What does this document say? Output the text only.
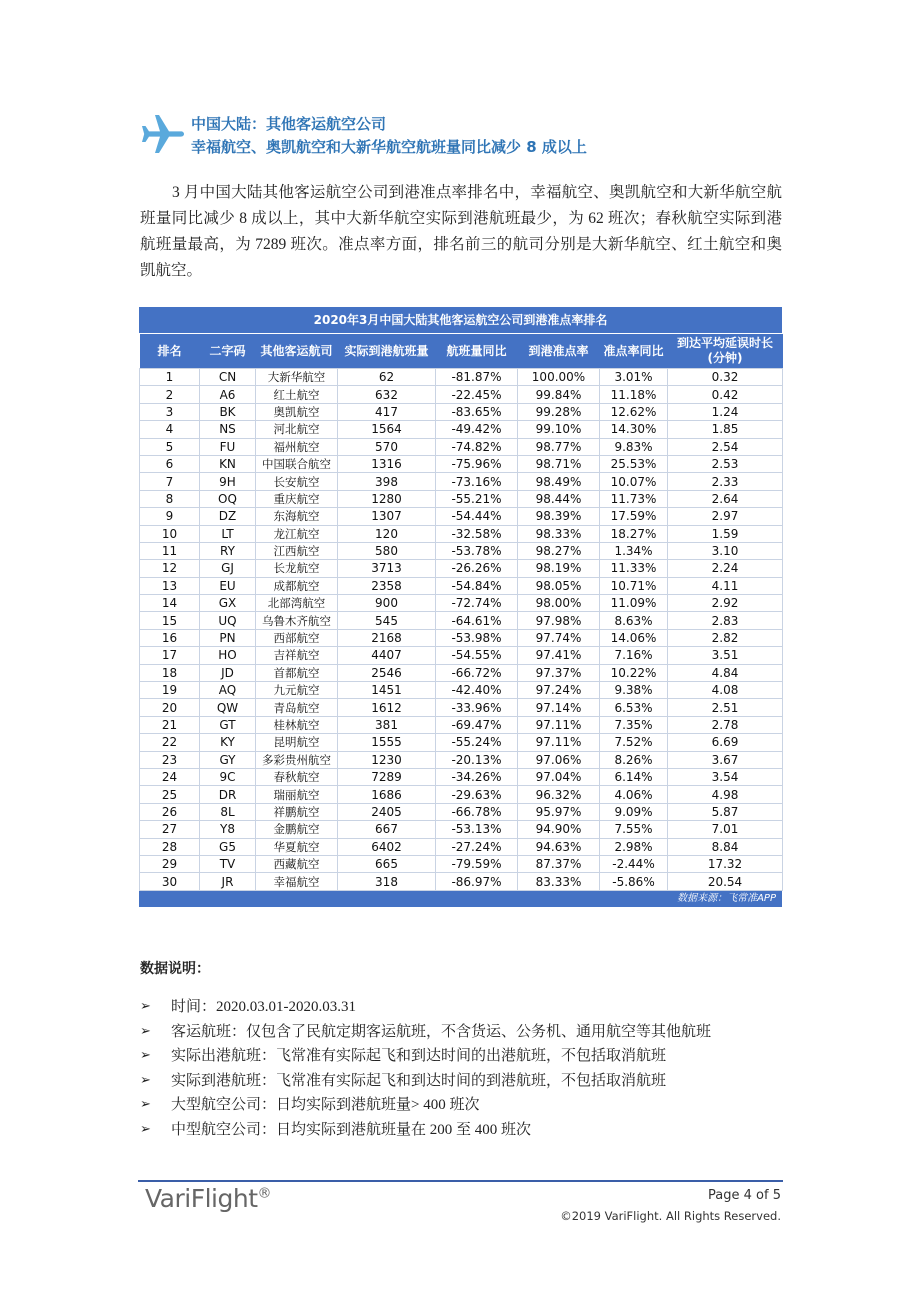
中国大陆：其他客运航空公司
幸福航空、奥凯航空和大新华航空航班量同比减少 8 成以上
3 月中国大陆其他客运航空公司到港准点率排名中，幸福航空、奥凯航空和大新华航空航班量同比减少 8 成以上，其中大新华航空实际到港航班最少，为 62 班次；春秋航空实际到港航班量最高，为 7289 班次。准点率方面，排名前三的航司分别是大新华航空、红土航空和奥凯航空。
2020年3月中国大陆其他客运航空公司到港准点率排名
排名	二字码	其他客运航司	实际到港航班量	航班量同比	到港准点率	准点率同比	到达平均延误时长 (分钟)
1	CN	大新华航空	62	-81.87%	100.00%	3.01%	0.32
2	A6	红土航空	632	-22.45%	99.84%	11.18%	0.42
3	BK	奥凯航空	417	-83.65%	99.28%	12.62%	1.24
4	NS	河北航空	1564	-49.42%	99.10%	14.30%	1.85
5	FU	福州航空	570	-74.82%	98.77%	9.83%	2.54
6	KN	中国联合航空	1316	-75.96%	98.71%	25.53%	2.53
7	9H	长安航空	398	-73.16%	98.49%	10.07%	2.33
8	OQ	重庆航空	1280	-55.21%	98.44%	11.73%	2.64
9	DZ	东海航空	1307	-54.44%	98.39%	17.59%	2.97
10	LT	龙江航空	120	-32.58%	98.33%	18.27%	1.59
11	RY	江西航空	580	-53.78%	98.27%	1.34%	3.10
12	GJ	长龙航空	3713	-26.26%	98.19%	11.33%	2.24
13	EU	成都航空	2358	-54.84%	98.05%	10.71%	4.11
14	GX	北部湾航空	900	-72.74%	98.00%	11.09%	2.92
15	UQ	乌鲁木齐航空	545	-64.61%	97.98%	8.63%	2.83
16	PN	西部航空	2168	-53.98%	97.74%	14.06%	2.82
17	HO	吉祥航空	4407	-54.55%	97.41%	7.16%	3.51
18	JD	首都航空	2546	-66.72%	97.37%	10.22%	4.84
19	AQ	九元航空	1451	-42.40%	97.24%	9.38%	4.08
20	QW	青岛航空	1612	-33.96%	97.14%	6.53%	2.51
21	GT	桂林航空	381	-69.47%	97.11%	7.35%	2.78
22	KY	昆明航空	1555	-55.24%	97.11%	7.52%	6.69
23	GY	多彩贵州航空	1230	-20.13%	97.06%	8.26%	3.67
24	9C	春秋航空	7289	-34.26%	97.04%	6.14%	3.54
25	DR	瑞丽航空	1686	-29.63%	96.32%	4.06%	4.98
26	8L	祥鹏航空	2405	-66.78%	95.97%	9.09%	5.87
27	Y8	金鹏航空	667	-53.13%	94.90%	7.55%	7.01
28	G5	华夏航空	6402	-27.24%	94.63%	2.98%	8.84
29	TV	西藏航空	665	-79.59%	87.37%	-2.44%	17.32
30	JR	幸福航空	318	-86.97%	83.33%	-5.86%	20.54
数据来源：飞常准APP
数据说明：
➢ 时间：2020.03.01-2020.03.31
➢ 客运航班：仅包含了民航定期客运航班，不含货运、公务机、通用航空等其他航班
➢ 实际出港航班：飞常准有实际起飞和到达时间的出港航班，不包括取消航班
➢ 实际到港航班：飞常准有实际起飞和到达时间的到港航班，不包括取消航班
➢ 大型航空公司：日均实际到港航班量> 400 班次
➢ 中型航空公司：日均实际到港航班量在 200 至 400 班次
VariFlight®	Page 4 of 5
©2019 VariFlight. All Rights Reserved.
